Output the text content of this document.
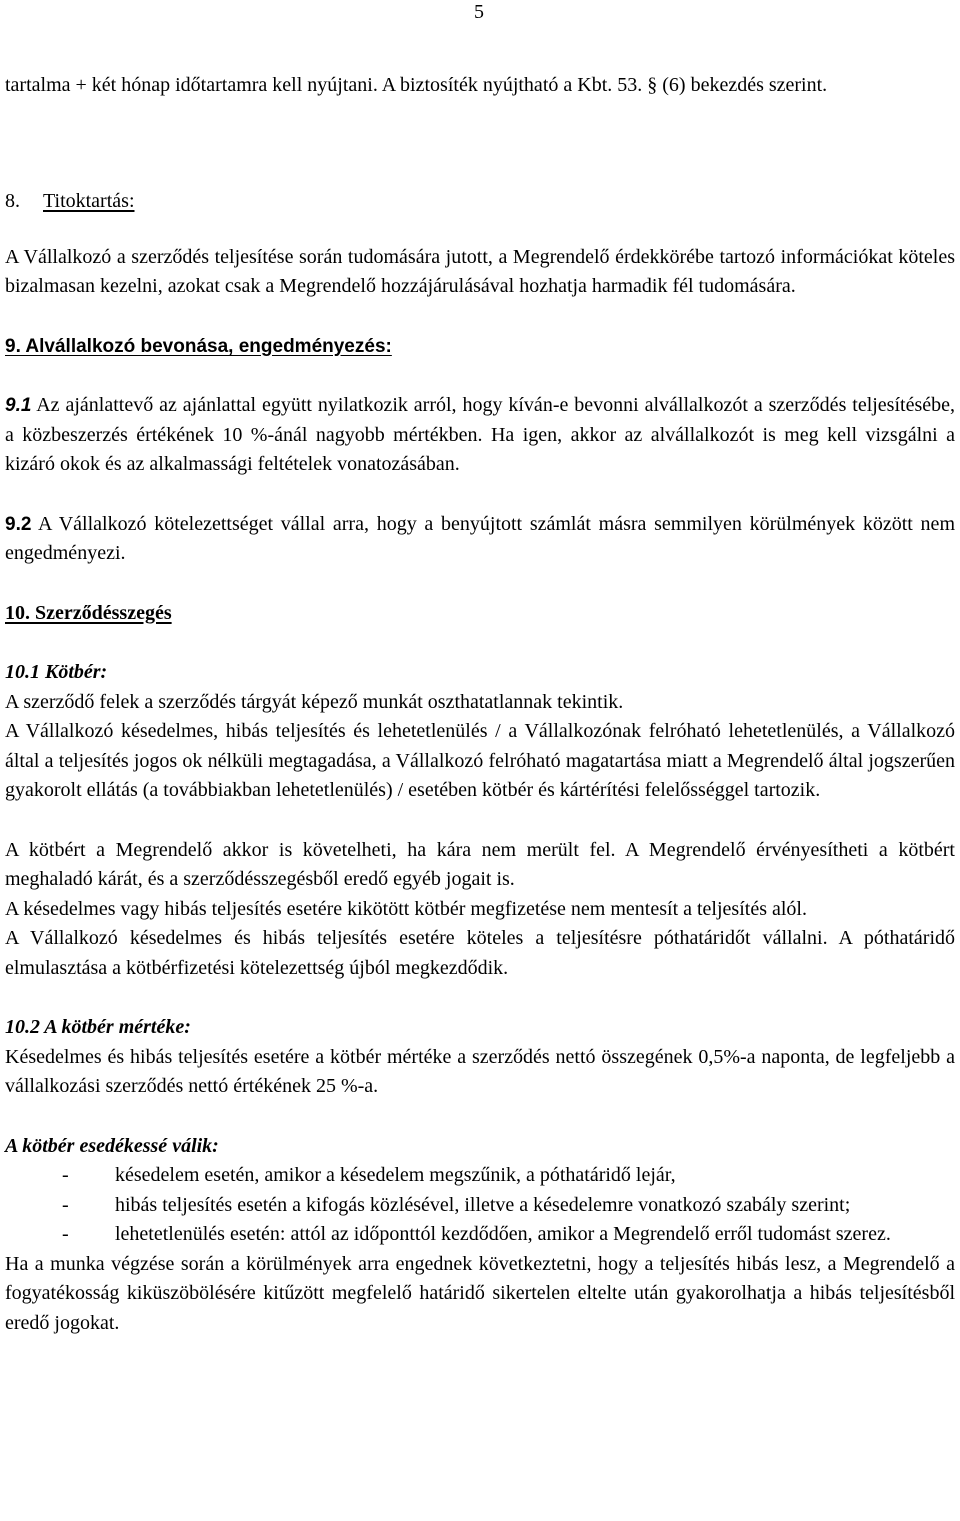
5

tartalma + két hónap időtartamra kell nyújtani. A biztosíték nyújtható a Kbt. 53. § (6) bekezdés szerint.

8.	Titoktartás:

A Vállalkozó a szerződés teljesítése során tudomására jutott, a Megrendelő érdekkörébe tartozó információkat köteles bizalmasan kezelni, azokat csak a Megrendelő hozzájárulásával hozhatja harmadik fél tudomására.

9. Alvállalkozó bevonása, engedményezés:

9.1 Az ajánlattevő az ajánlattal együtt nyilatkozik arról, hogy kíván-e bevonni alvállalkozót a szerződés teljesítésébe, a közbeszerzés értékének 10 %-ánál nagyobb mértékben. Ha igen, akkor az alvállalkozót is meg kell vizsgálni a kizáró okok és az alkalmassági feltételek vonatozásában.

9.2 A Vállalkozó kötelezettséget vállal arra, hogy a benyújtott számlát másra semmilyen körülmények között nem engedményezi.

10. Szerződésszegés

10.1 Kötbér:

A szerződő felek a szerződés tárgyát képező munkát oszthatatlannak tekintik.

A Vállalkozó késedelmes, hibás teljesítés és lehetetlenülés / a Vállalkozónak felróható lehetetlenülés, a Vállalkozó által a teljesítés jogos ok nélküli megtagadása, a Vállalkozó felróható magatartása miatt a Megrendelő által jogszerűen gyakorolt ellátás (a továbbiakban lehetetlenülés) / esetében kötbér és kártérítési felelősséggel tartozik.

A kötbért a Megrendelő akkor is követelheti, ha kára nem merült fel. A Megrendelő érvényesítheti a kötbért meghaladó kárát, és a szerződésszegésből eredő egyéb jogait is.

A késedelmes vagy hibás teljesítés esetére kikötött kötbér megfizetése nem mentesít a teljesítés alól.

A Vállalkozó késedelmes és hibás teljesítés esetére köteles a teljesítésre póthatáridőt vállalni. A póthatáridő elmulasztása a kötbérfizetési kötelezettség újból megkezdődik.

10.2 A kötbér mértéke:

Késedelmes és hibás teljesítés esetére a kötbér mértéke a szerződés nettó összegének 0,5%-a naponta, de legfeljebb a vállalkozási szerződés nettó értékének 25 %-a.

A kötbér esedékessé válik:

-	késedelem esetén, amikor a késedelem megszűnik, a póthatáridő lejár,
-	hibás teljesítés esetén a kifogás közlésével, illetve a késedelemre vonatkozó szabály szerint;
-	lehetetlenülés esetén: attól az időponttól kezdődően, amikor a Megrendelő erről tudomást szerez.

Ha a munka végzése során a körülmények arra engednek következtetni, hogy a teljesítés hibás lesz, a Megrendelő a fogyatékosság kiküszöbölésére kitűzött megfelelő határidő sikertelen eltelte után gyakorolhatja a hibás teljesítésből eredő jogokat.
